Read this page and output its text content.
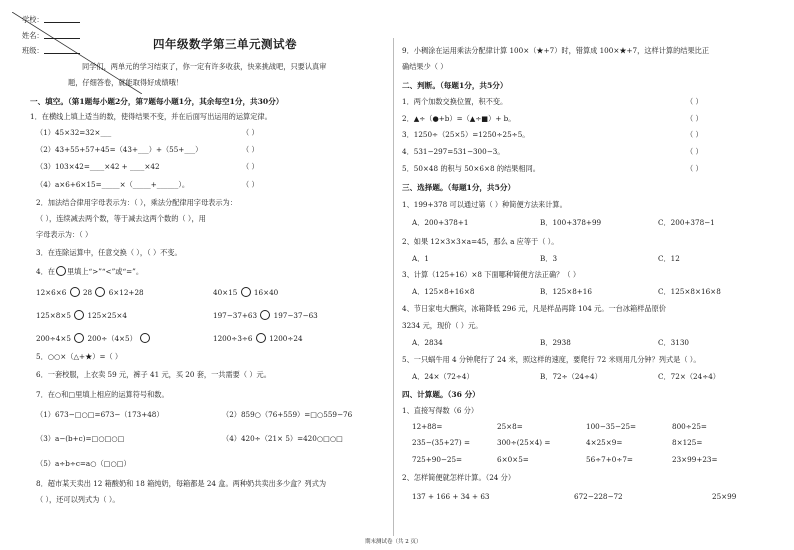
学校：
姓名：
班级：	四年级数学第三单元测试卷
同学们，两单元的学习结束了，你一定有许多收获，快来挑战吧，只要认真审
题，仔细答卷，就能取得好成绩哦！
一、填空。（第1题每小题2分，第7题每小题1分，其余每空1分，共30分）
1．在横线上填上适当的数，使得结果不变，并在后面写出运用的运算定律。
（1）45×32=32×___	（ ）
（2）43+55+57+45=（43+___）+（55+___）	（ ）
（3）103×42=____×42 + ____×42	（ ）
（4）a×6+6×15=_____×（_____+______）。	（ ）
2．加法结合律用字母表示为：（ ），乘法分配律用字母表示为：
（ ），连续减去两个数，等于减去这两个数的（ ），用
字母表示为：（ ）
3．在连除运算中，任意交换（ ），（ ）不变。
4．在 里填上“>”“<”或“=”。
12×6×6 28 6×12+28	40×15 16×40
125×8×5 125×25×4	197−37+63 197−37−63
200÷4×5 200÷（4×5）	1200÷3÷6 1200÷24
5．○○×（△+★）=（ ）
6．一套校服，上衣卖 59 元，裤子 41 元，买 20 套，一共需要（ ）元。
7．在○和□里填上相应的运算符号和数。
（1）673−□○□=673−（173+48）	（2）859○（76+559）=□○559−76
（3）a−(b+c)=□○□○□	（4）420÷（21× 5）=420○□○□
（5）a÷b÷c=a○（□○□）
8．超市某天卖出 12 箱酸奶和 18 箱纯奶，每箱都是 24 盒。两种奶共卖出多少盒？列式为
（ ），还可以列式为（ ）。
9．小稠涂在运用乘法分配律计算 100×（★+7）时，错算成 100×★+7，这样计算的结果比正
确结果少（ ）
二、判断。（每题1分，共5分）
1．两个加数交换位置，积不变。	（ ）
2．▲÷（●+b）=（▲÷■）+ b。	（ ）
3．1250÷（25×5）=1250÷25÷5。	（ ）
4．531−297=531−300−3。	（ ）
5．50×48 的积与 50×6×8 的结果相同。	（ ）
三、选择题。（每题1分，共5分）
1、199+378 可以通过第（ ）种简便方法来计算。
A．200+378+1	B．100+378+99	C．200+378−1
2、如果 12×3×3×a=45，那么 a 应等于（ ）。
A．1	B．3	C．12
3、计算（125+16）×8 下面哪种简便方法正确？（ ）
A．125×8+16×8	B．125×8+16	C．125×8×16×8
4、节日家电大酬宾，冰箱降低 296 元，凡是样品再降 104 元。一台冰箱样品原价
3234 元，现价（ ）元。
A．2834	B．2938	C．3130
5、一只蜗牛用 4 分钟爬行了 24 米，照这样的速度，要爬行 72 米则用几分钟？列式是（ ）。
A．24×（72÷4）	B．72÷（24÷4）	C．72×（24÷4）
四、计算题。（36 分）
1、直接写得数（6 分）
12+88=	25×8=	100−35−25=	800÷25=
235−(35+27) =	300÷(25×4) =	4×25×9=	8×125=
725+90−25=	6×0×5=	56÷7+0÷7=	23×99+23=
2、怎样简便就怎样计算。（24 分）
137 + 166 + 34 + 63	672−228−72	25×99
期末测试卷（共 2 页）
